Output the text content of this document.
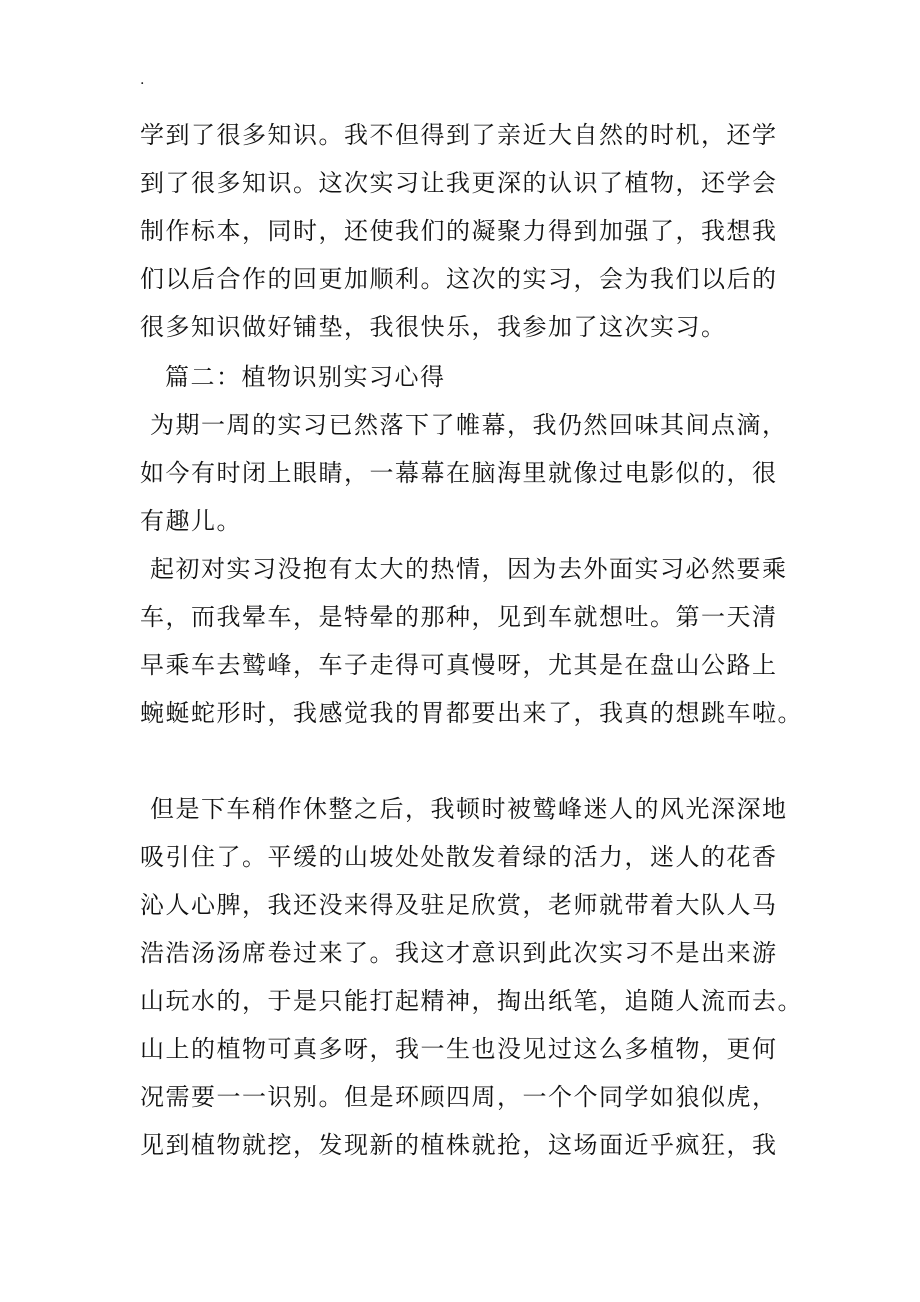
.
学到了很多知识。我不但得到了亲近大自然的时机，还学
到了很多知识。这次实习让我更深的认识了植物，还学会
制作标本，同时，还使我们的凝聚力得到加强了，我想我
们以后合作的回更加顺利。这次的实习，会为我们以后的
很多知识做好铺垫，我很快乐，我参加了这次实习。
篇二：植物识别实习心得
为期一周的实习已然落下了帷幕，我仍然回味其间点滴，
如今有时闭上眼睛，一幕幕在脑海里就像过电影似的，很
有趣儿。
起初对实习没抱有太大的热情，因为去外面实习必然要乘
车，而我晕车，是特晕的那种，见到车就想吐。第一天清
早乘车去鹫峰，车子走得可真慢呀，尤其是在盘山公路上
蜿蜒蛇形时，我感觉我的胃都要出来了，我真的想跳车啦。
但是下车稍作休整之后，我顿时被鹫峰迷人的风光深深地
吸引住了。平缓的山坡处处散发着绿的活力，迷人的花香
沁人心脾，我还没来得及驻足欣赏，老师就带着大队人马
浩浩汤汤席卷过来了。我这才意识到此次实习不是出来游
山玩水的，于是只能打起精神，掏出纸笔，追随人流而去。
山上的植物可真多呀，我一生也没见过这么多植物，更何
况需要一一识别。但是环顾四周，一个个同学如狼似虎，
见到植物就挖，发现新的植株就抢，这场面近乎疯狂，我
